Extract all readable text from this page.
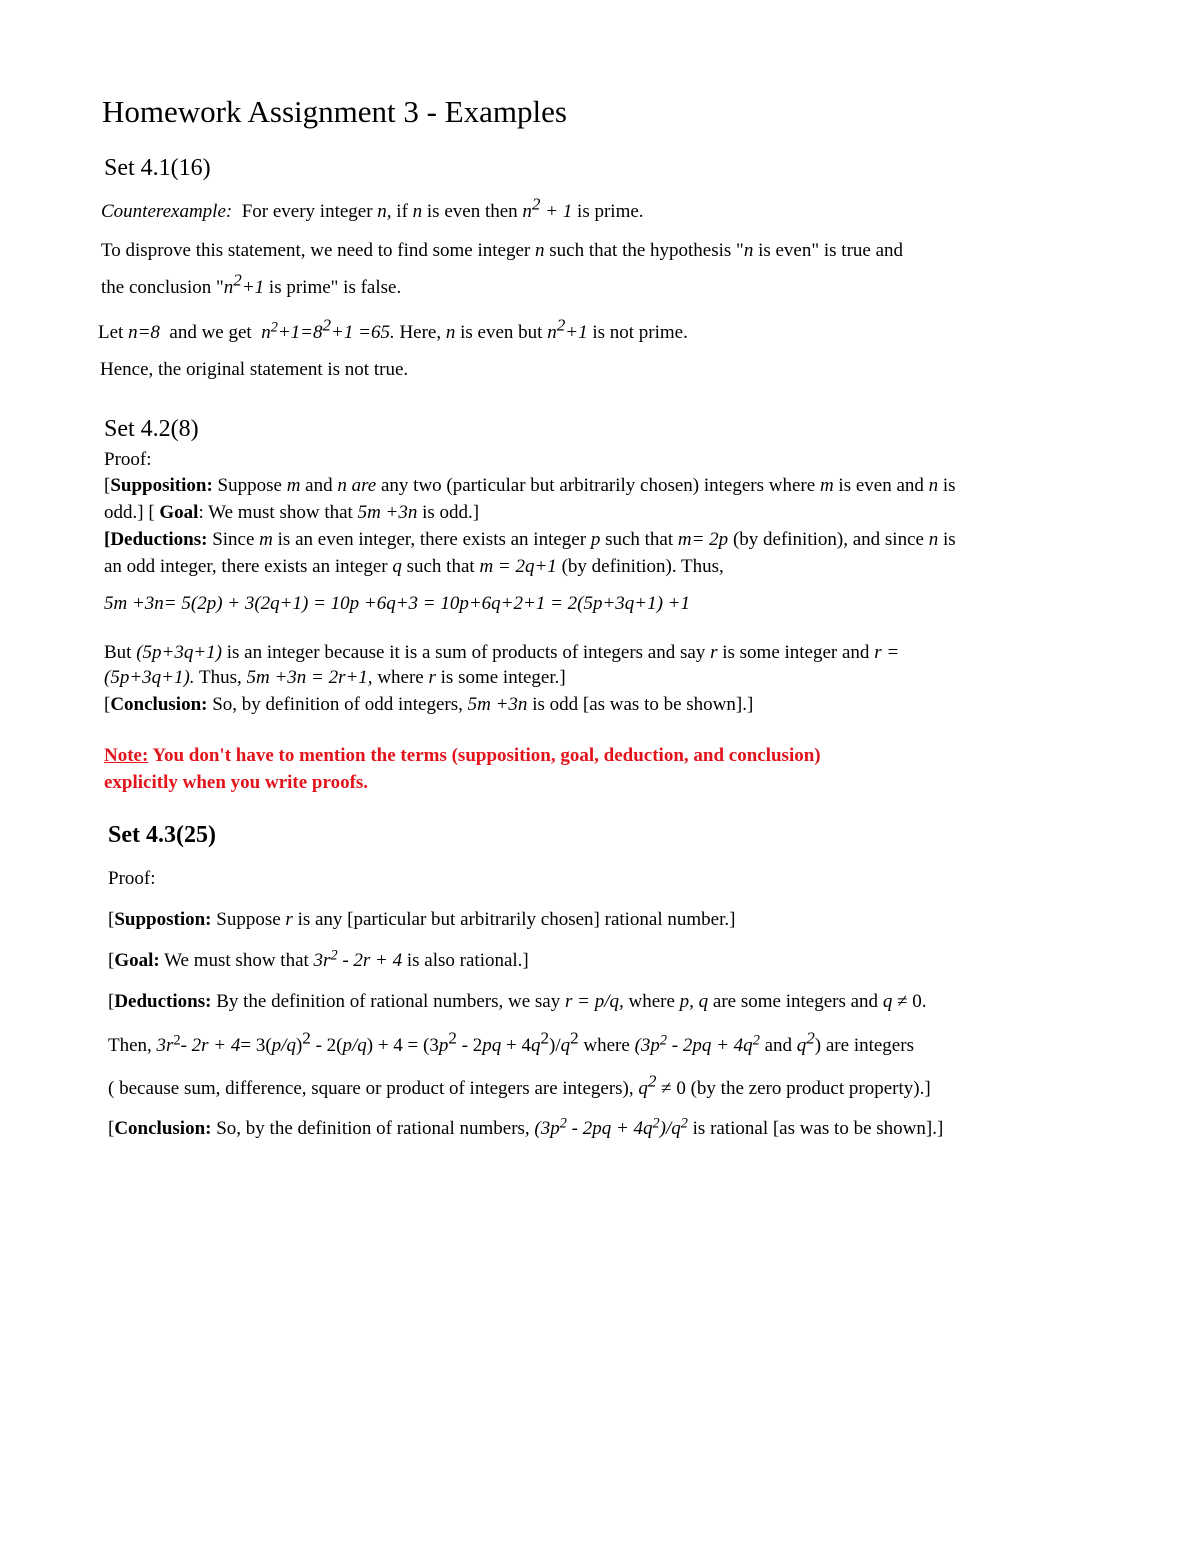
Homework Assignment 3 - Examples
Set 4.1(16)
Counterexample: For every integer n, if n is even then $n^2 + 1$ is prime.
To disprove this statement, we need to find some integer n such that the hypothesis "n is even" is true and
the conclusion "$n^2+1$ is prime" is false.
Let n=8 and we get $n^2+1=8^2+1 =65$. Here, n is even but $n^2+1$ is not prime.
Hence, the original statement is not true.
Set 4.2(8)
Proof:
[Supposition: Suppose m and n are any two (particular but arbitrarily chosen) integers where m is even and n is
odd.] [ Goal: We must show that 5m +3n is odd.]
[Deductions: Since m is an even integer, there exists an integer p such that m= 2p (by definition), and since n is
an odd integer, there exists an integer q such that m = 2q+1 (by definition). Thus,
5m +3n= 5(2p) + 3(2q+1) = 10p +6q+3 = 10p+6q+2+1 = 2(5p+3q+1) +1
But (5p+3q+1) is an integer because it is a sum of products of integers and say r is some integer and r =
(5p+3q+1). Thus, 5m +3n = 2r+1, where r is some integer.]
[Conclusion: So, by definition of odd integers, 5m +3n is odd [as was to be shown].]
Note: You don't have to mention the terms (supposition, goal, deduction, and conclusion)
explicitly when you write proofs.
Set 4.3(25)
Proof:
[Suppostion: Suppose r is any [particular but arbitrarily chosen] rational number.]
[Goal: We must show that $3r^2 - 2r + 4$ is also rational.]
[Deductions: By the definition of rational numbers, we say r = p/q, where p, q are some integers and q ≠ 0.
Then, $3r^2-$ $2r + 4= 3(p/q)^2 - 2(p/q) + 4 = (3p^2 - 2pq + 4q^2)/q^2$ where ($3p^2 - 2pq + 4q^2$ and $q^2$) are integers
( because sum, difference, square or product of integers are integers), $q^2 \ne 0$ (by the zero product property).]
[Conclusion: So, by the definition of rational numbers, $(3p^2 - 2pq + 4q^2)/q^2$ is rational [as was to be shown].]
